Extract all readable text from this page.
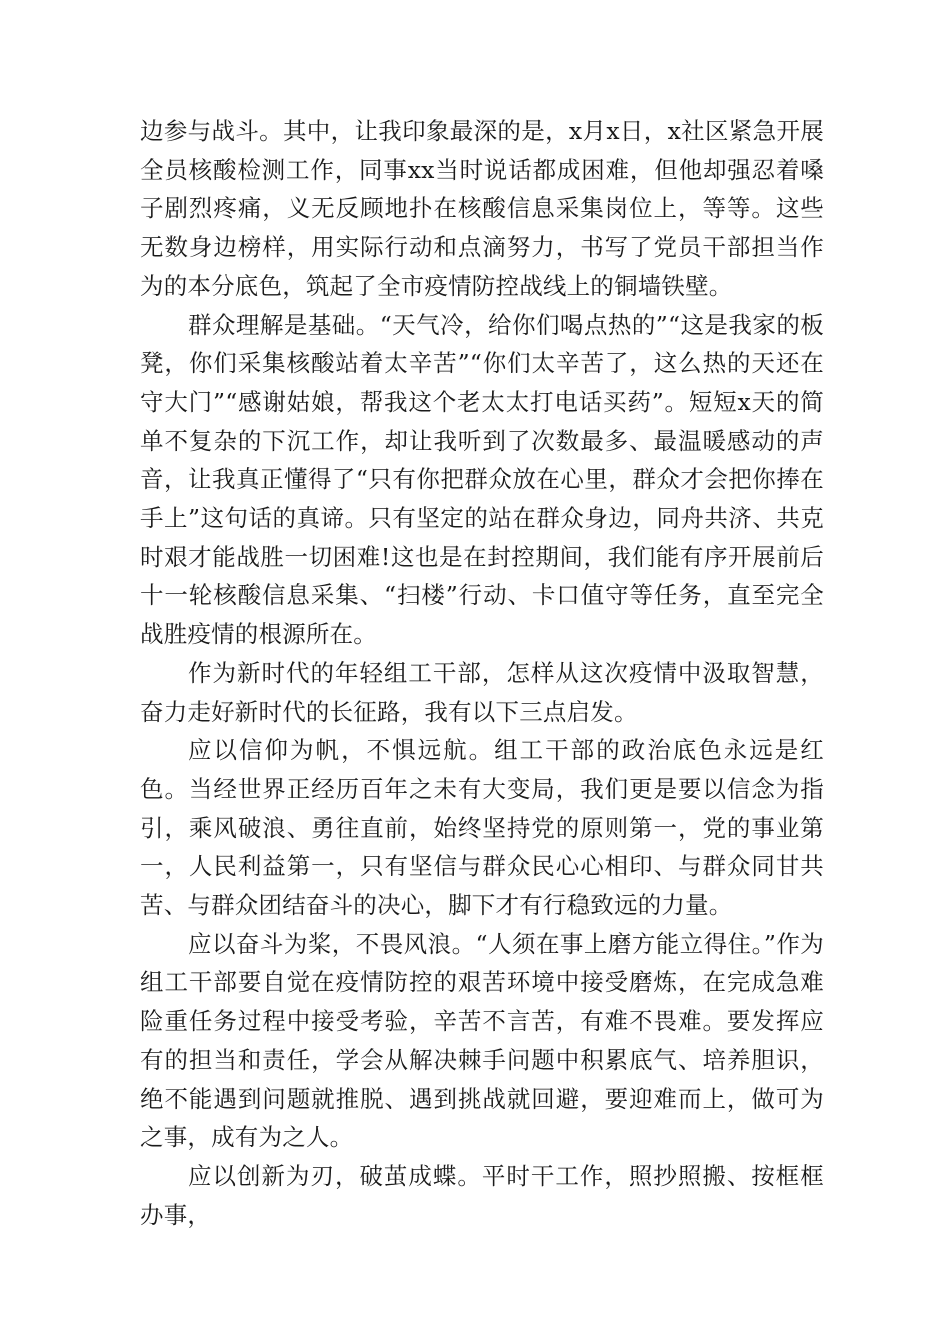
边参与战斗。其中，让我印象最深的是，x月x日，x社区紧急开展全员核酸检测工作，同事xx当时说话都成困难，但他却强忍着嗓子剧烈疼痛，义无反顾地扑在核酸信息采集岗位上，等等。这些无数身边榜样，用实际行动和点滴努力，书写了党员干部担当作为的本分底色，筑起了全市疫情防控战线上的铜墙铁壁。

群众理解是基础。“天气冷，给你们喝点热的”“这是我家的板凳，你们采集核酸站着太辛苦”“你们太辛苦了，这么热的天还在守大门”“感谢姑娘，帮我这个老太太打电话买药”。短短x天的简单不复杂的下沉工作，却让我听到了次数最多、最温暖感动的声音，让我真正懂得了“只有你把群众放在心里，群众才会把你捧在手上”这句话的真谛。只有坚定的站在群众身边，同舟共济、共克时艰才能战胜一切困难!这也是在封控期间，我们能有序开展前后十一轮核酸信息采集、“扫楼”行动、卡口值守等任务，直至完全战胜疫情的根源所在。

作为新时代的年轻组工干部，怎样从这次疫情中汲取智慧，奋力走好新时代的长征路，我有以下三点启发。

应以信仰为帆，不惧远航。组工干部的政治底色永远是红色。当经世界正经历百年之未有大变局，我们更是要以信念为指引，乘风破浪、勇往直前，始终坚持党的原则第一，党的事业第一，人民利益第一，只有坚信与群众民心心相印、与群众同甘共苦、与群众团结奋斗的决心，脚下才有行稳致远的力量。

应以奋斗为桨，不畏风浪。“人须在事上磨方能立得住。”作为组工干部要自觉在疫情防控的艰苦环境中接受磨炼，在完成急难险重任务过程中接受考验，辛苦不言苦，有难不畏难。要发挥应有的担当和责任，学会从解决棘手问题中积累底气、培养胆识，绝不能遇到问题就推脱、遇到挑战就回避，要迎难而上，做可为之事，成有为之人。

应以创新为刃，破茧成蝶。平时干工作，照抄照搬、按框框办事，
